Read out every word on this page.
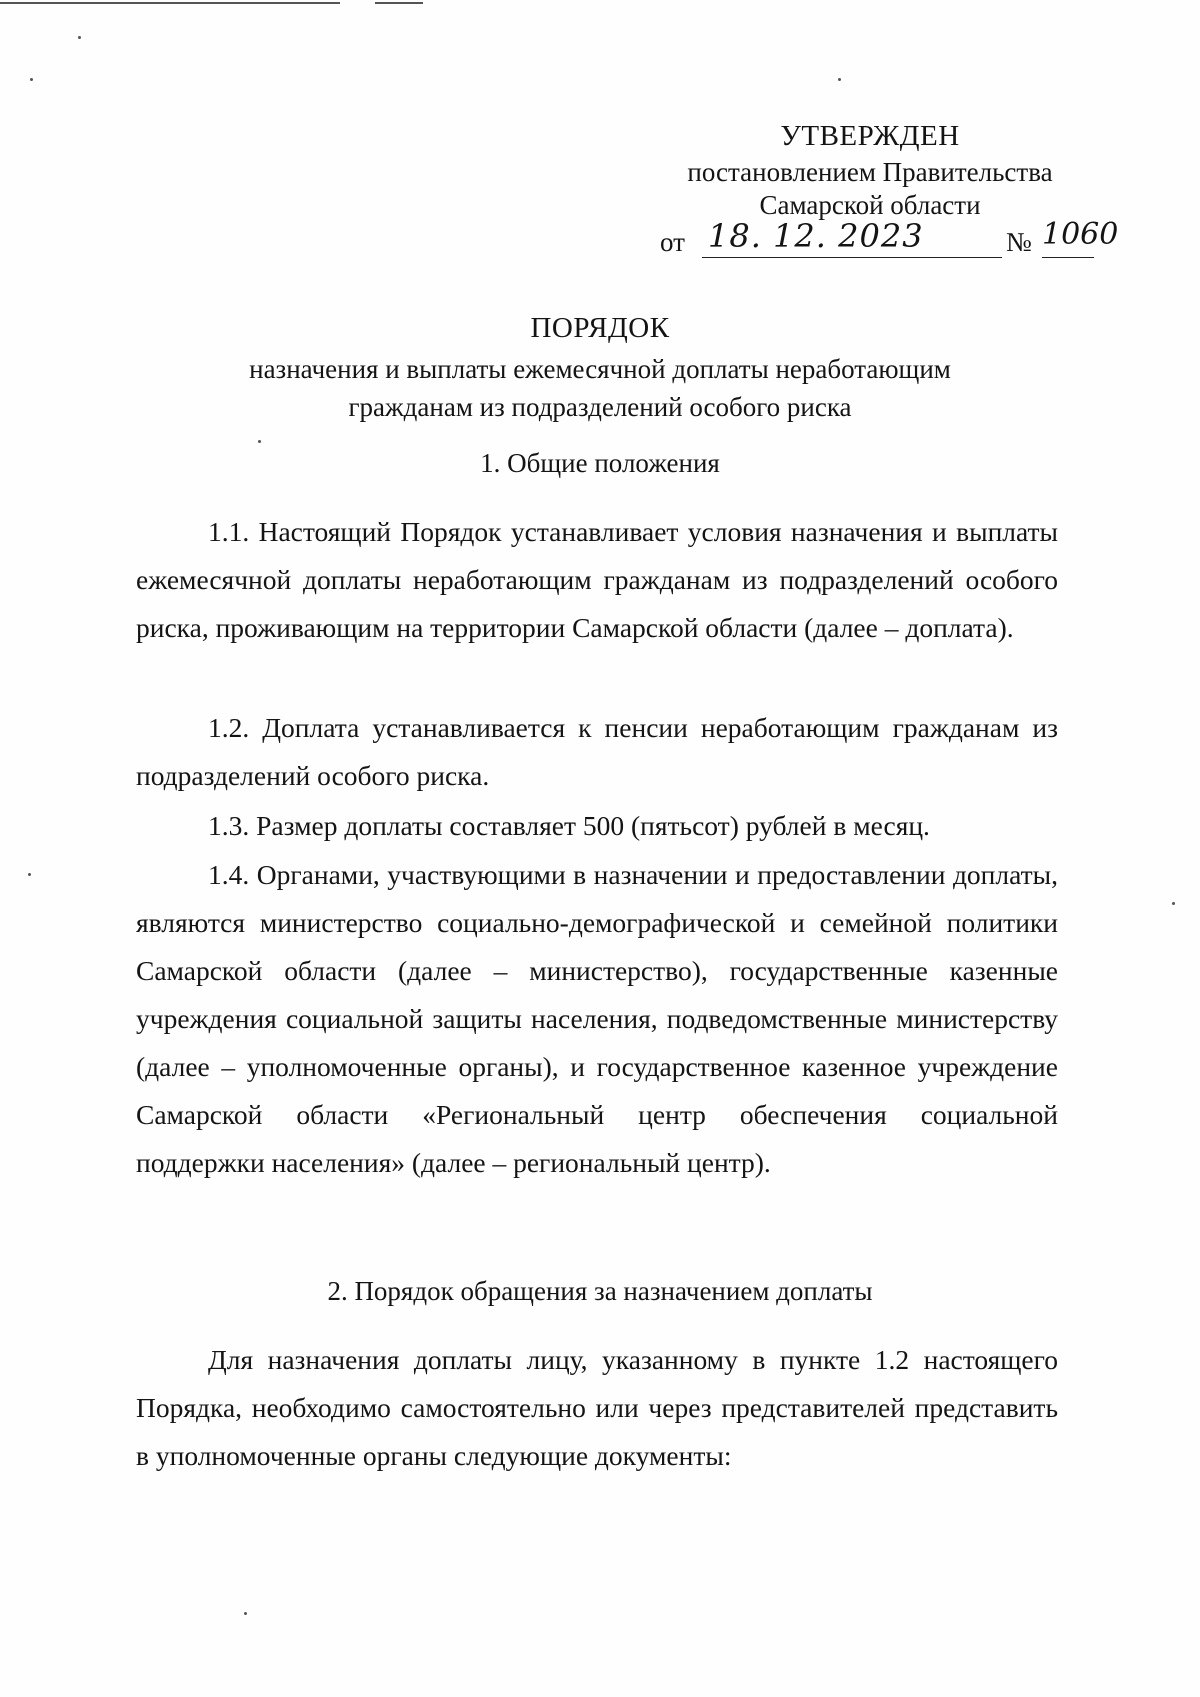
УТВЕРЖДЕН
постановлением Правительства
Самарской области
от 18. 12. 2023	№ 1060
ПОРЯДОК
назначения и выплаты ежемесячной доплаты неработающим
гражданам из подразделений особого риска
1. Общие положения
1.1. Настоящий Порядок устанавливает условия назначения и выплаты ежемесячной доплаты неработающим гражданам из подразделений особого риска, проживающим на территории Самарской области (далее – доплата).
1.2. Доплата устанавливается к пенсии неработающим гражданам из подразделений особого риска.
1.3. Размер доплаты составляет 500 (пятьсот) рублей в месяц.
1.4. Органами, участвующими в назначении и предоставлении доплаты, являются министерство социально-демографической и семейной политики Самарской области (далее – министерство), государственные казенные учреждения социальной защиты населения, подведомственные министерству (далее – уполномоченные органы), и государственное казенное учреждение Самарской области «Региональный центр обеспечения социальной поддержки населения» (далее – региональный центр).
2. Порядок обращения за назначением доплаты
Для назначения доплаты лицу, указанному в пункте 1.2 настоящего Порядка, необходимо самостоятельно или через представителей представить в уполномоченные органы следующие документы:
